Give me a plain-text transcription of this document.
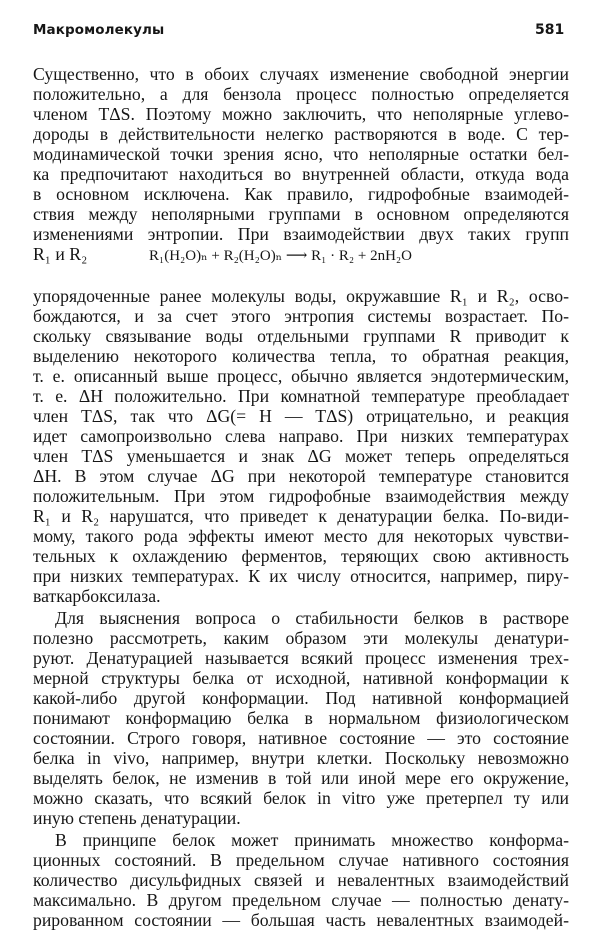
Макромолекулы	581
Существенно, что в обоих случаях изменение свободной энергии
положительно, а для бензола процесс полностью определяется
членом TΔS. Поэтому можно заключить, что неполярные углево-
дороды в действительности нелегко растворяются в воде. С тер-
модинамической точки зрения ясно, что неполярные остатки бел-
ка предпочитают находиться во внутренней области, откуда вода
в основном исключена. Как правило, гидрофобные взаимодей-
ствия между неполярными группами в основном определяются
изменениями энтропии. При взаимодействии двух таких групп
R₁ и R₂	R₁(H₂O)ₙ + R₂(H₂O)ₙ ⟶ R₁ · R₂ + 2nH₂O
упорядоченные ранее молекулы воды, окружавшие R₁ и R₂, осво-
бождаются, и за счет этого энтропия системы возрастает. По-
скольку связывание воды отдельными группами R приводит к
выделению некоторого количества тепла, то обратная реакция,
т. е. описанный выше процесс, обычно является эндотермическим,
т. е. ΔH положительно. При комнатной температуре преобладает
член TΔS, так что ΔG(= H — TΔS) отрицательно, и реакция
идет самопроизвольно слева направо. При низких температурах
член TΔS уменьшается и знак ΔG может теперь определяться
ΔH. В этом случае ΔG при некоторой температуре становится
положительным. При этом гидрофобные взаимодействия между
R₁ и R₂ нарушатся, что приведет к денатурации белка. По-види-
мому, такого рода эффекты имеют место для некоторых чувстви-
тельных к охлаждению ферментов, теряющих свою активность
при низких температурах. К их числу относится, например, пиру-
ваткарбоксилаза.
Для выяснения вопроса о стабильности белков в растворе
полезно рассмотреть, каким образом эти молекулы денатури-
руют. Денатурацией называется всякий процесс изменения трех-
мерной структуры белка от исходной, нативной конформации к
какой-либо другой конформации. Под нативной конформацией
понимают конформацию белка в нормальном физиологическом
состоянии. Строго говоря, нативное состояние — это состояние
белка in vivo, например, внутри клетки. Поскольку невозможно
выделять белок, не изменив в той или иной мере его окружение,
можно сказать, что всякий белок in vitro уже претерпел ту или
иную степень денатурации.
В принципе белок может принимать множество конформа-
ционных состояний. В предельном случае нативного состояния
количество дисульфидных связей и невалентных взаимодействий
максимально. В другом предельном случае — полностью денату-
рированном состоянии — большая часть невалентных взаимодей-
